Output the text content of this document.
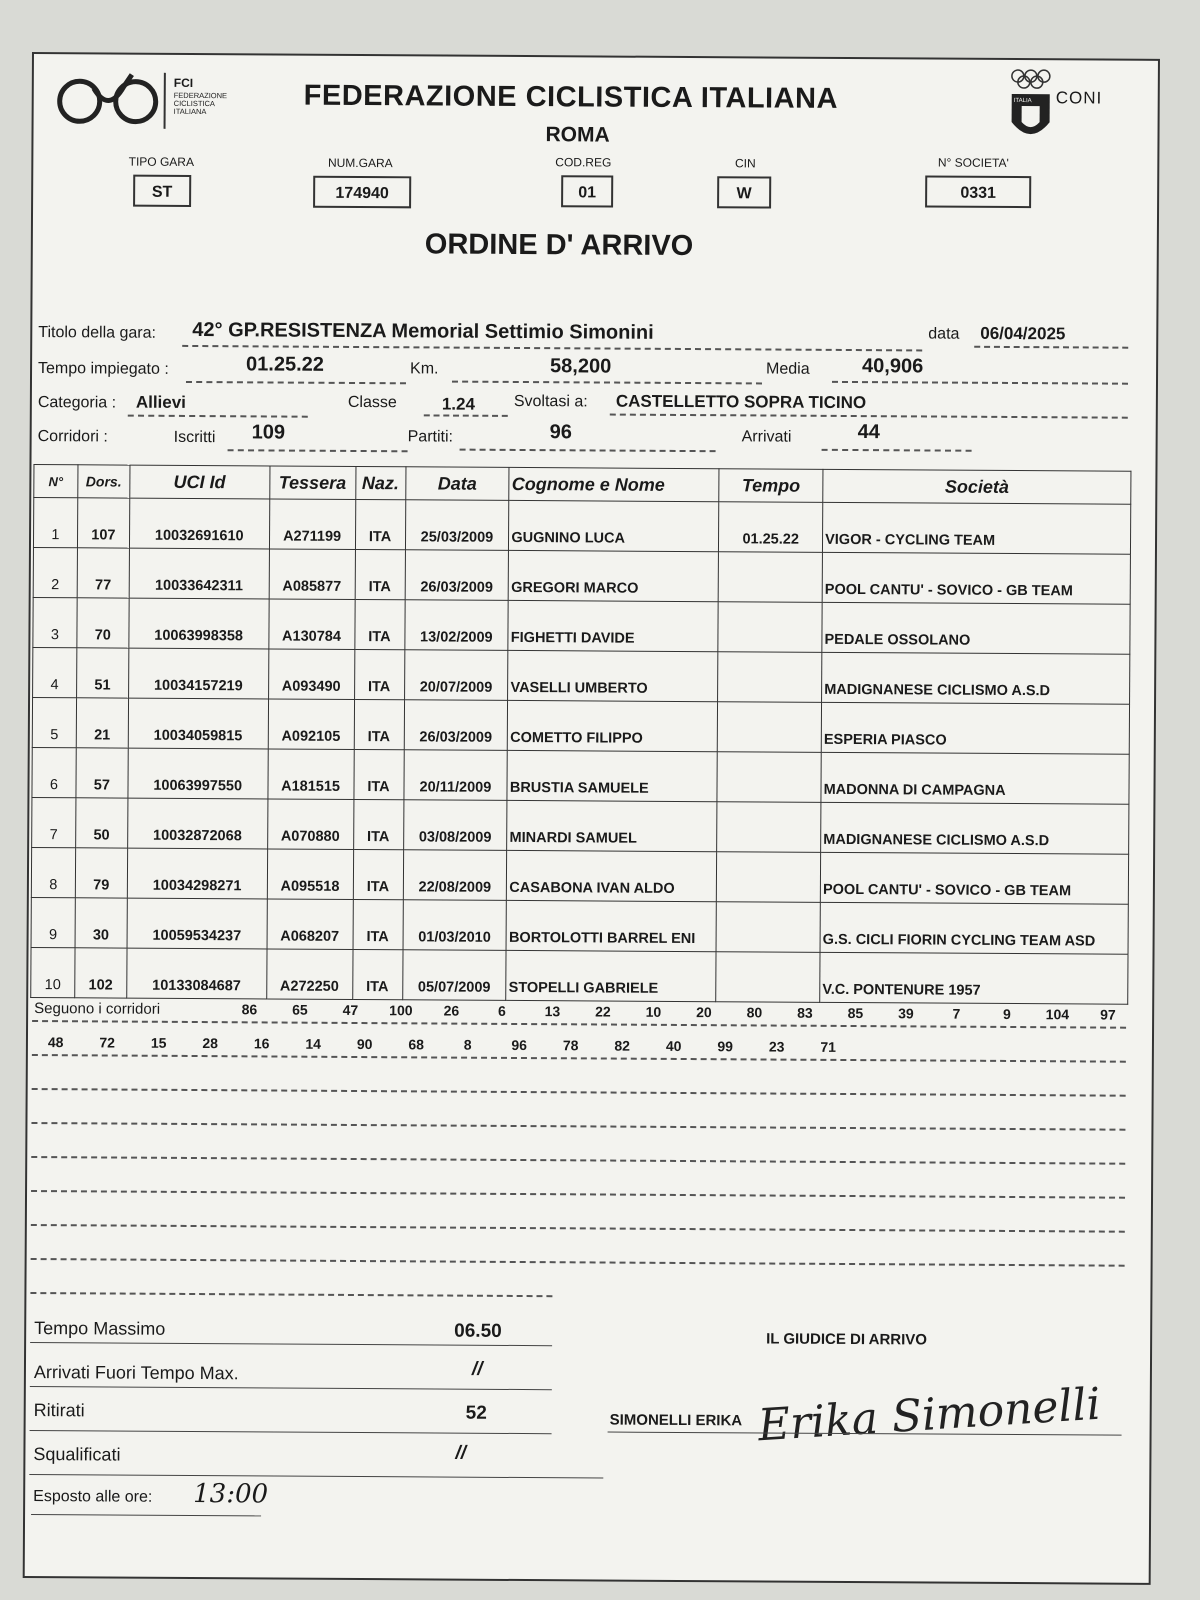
FCI
FEDERAZIONE
CICLISTICA
ITALIANA	FEDERAZIONE CICLISTICA ITALIANA
ROMA
ITALIA CONI
TIPO GARA
ST
NUM.GARA
174940
COD.REG
01
CIN
W
N° SOCIETA'
0331
ORDINE D' ARRIVO
Titolo della gara: 42° GP.RESISTENZA Memorial Settimio Simonini	data 06/04/2025
Tempo impiegato :	01.25.22	Km.	58,200	Media	40,906
Categoria : Allievi	Classe	1.24 Svoltasi a: CASTELLETTO SOPRA TICINO
Corridori :	Iscritti 109	Partiti:	96	Arrivati	44
N°	Dors.	UCI Id	Tessera	Naz.	Data	Cognome e Nome	Tempo	Società
1	107	10032691610	A271199	ITA	25/03/2009	GUGNINO LUCA	01.25.22	VIGOR - CYCLING TEAM
2	77	10033642311	A085877	ITA	26/03/2009	GREGORI MARCO		POOL CANTU' - SOVICO - GB TEAM
3	70	10063998358	A130784	ITA	13/02/2009	FIGHETTI DAVIDE		PEDALE OSSOLANO
4	51	10034157219	A093490	ITA	20/07/2009	VASELLI UMBERTO		MADIGNANESE CICLISMO A.S.D
5	21	10034059815	A092105	ITA	26/03/2009	COMETTO FILIPPO		ESPERIA PIASCO
6	57	10063997550	A181515	ITA	20/11/2009	BRUSTIA SAMUELE		MADONNA DI CAMPAGNA
7	50	10032872068	A070880	ITA	03/08/2009	MINARDI SAMUEL		MADIGNANESE CICLISMO A.S.D
8	79	10034298271	A095518	ITA	22/08/2009	CASABONA IVAN ALDO		POOL CANTU' - SOVICO - GB TEAM
9	30	10059534237	A068207	ITA	01/03/2010	BORTOLOTTI BARREL ENI		G.S. CICLI FIORIN CYCLING TEAM ASD
10	102	10133084687	A272250	ITA	05/07/2009	STOPELLI GABRIELE		V.C. PONTENURE 1957
Seguono i corridori	86 65 47 100 26	6	13 22 10 20 80 83 85 39	7	9 104 97
48	72	15	28	16	14	90	68	8	96	78	82	40	99	23	71
Tempo Massimo	06.50
Arrivati Fuori Tempo Max.	//
Ritirati	52
Squalificati	//
Esposto alle ore: 13:00
IL GIUDICE DI ARRIVO
SIMONELLI ERIKA Erika Simonelli
